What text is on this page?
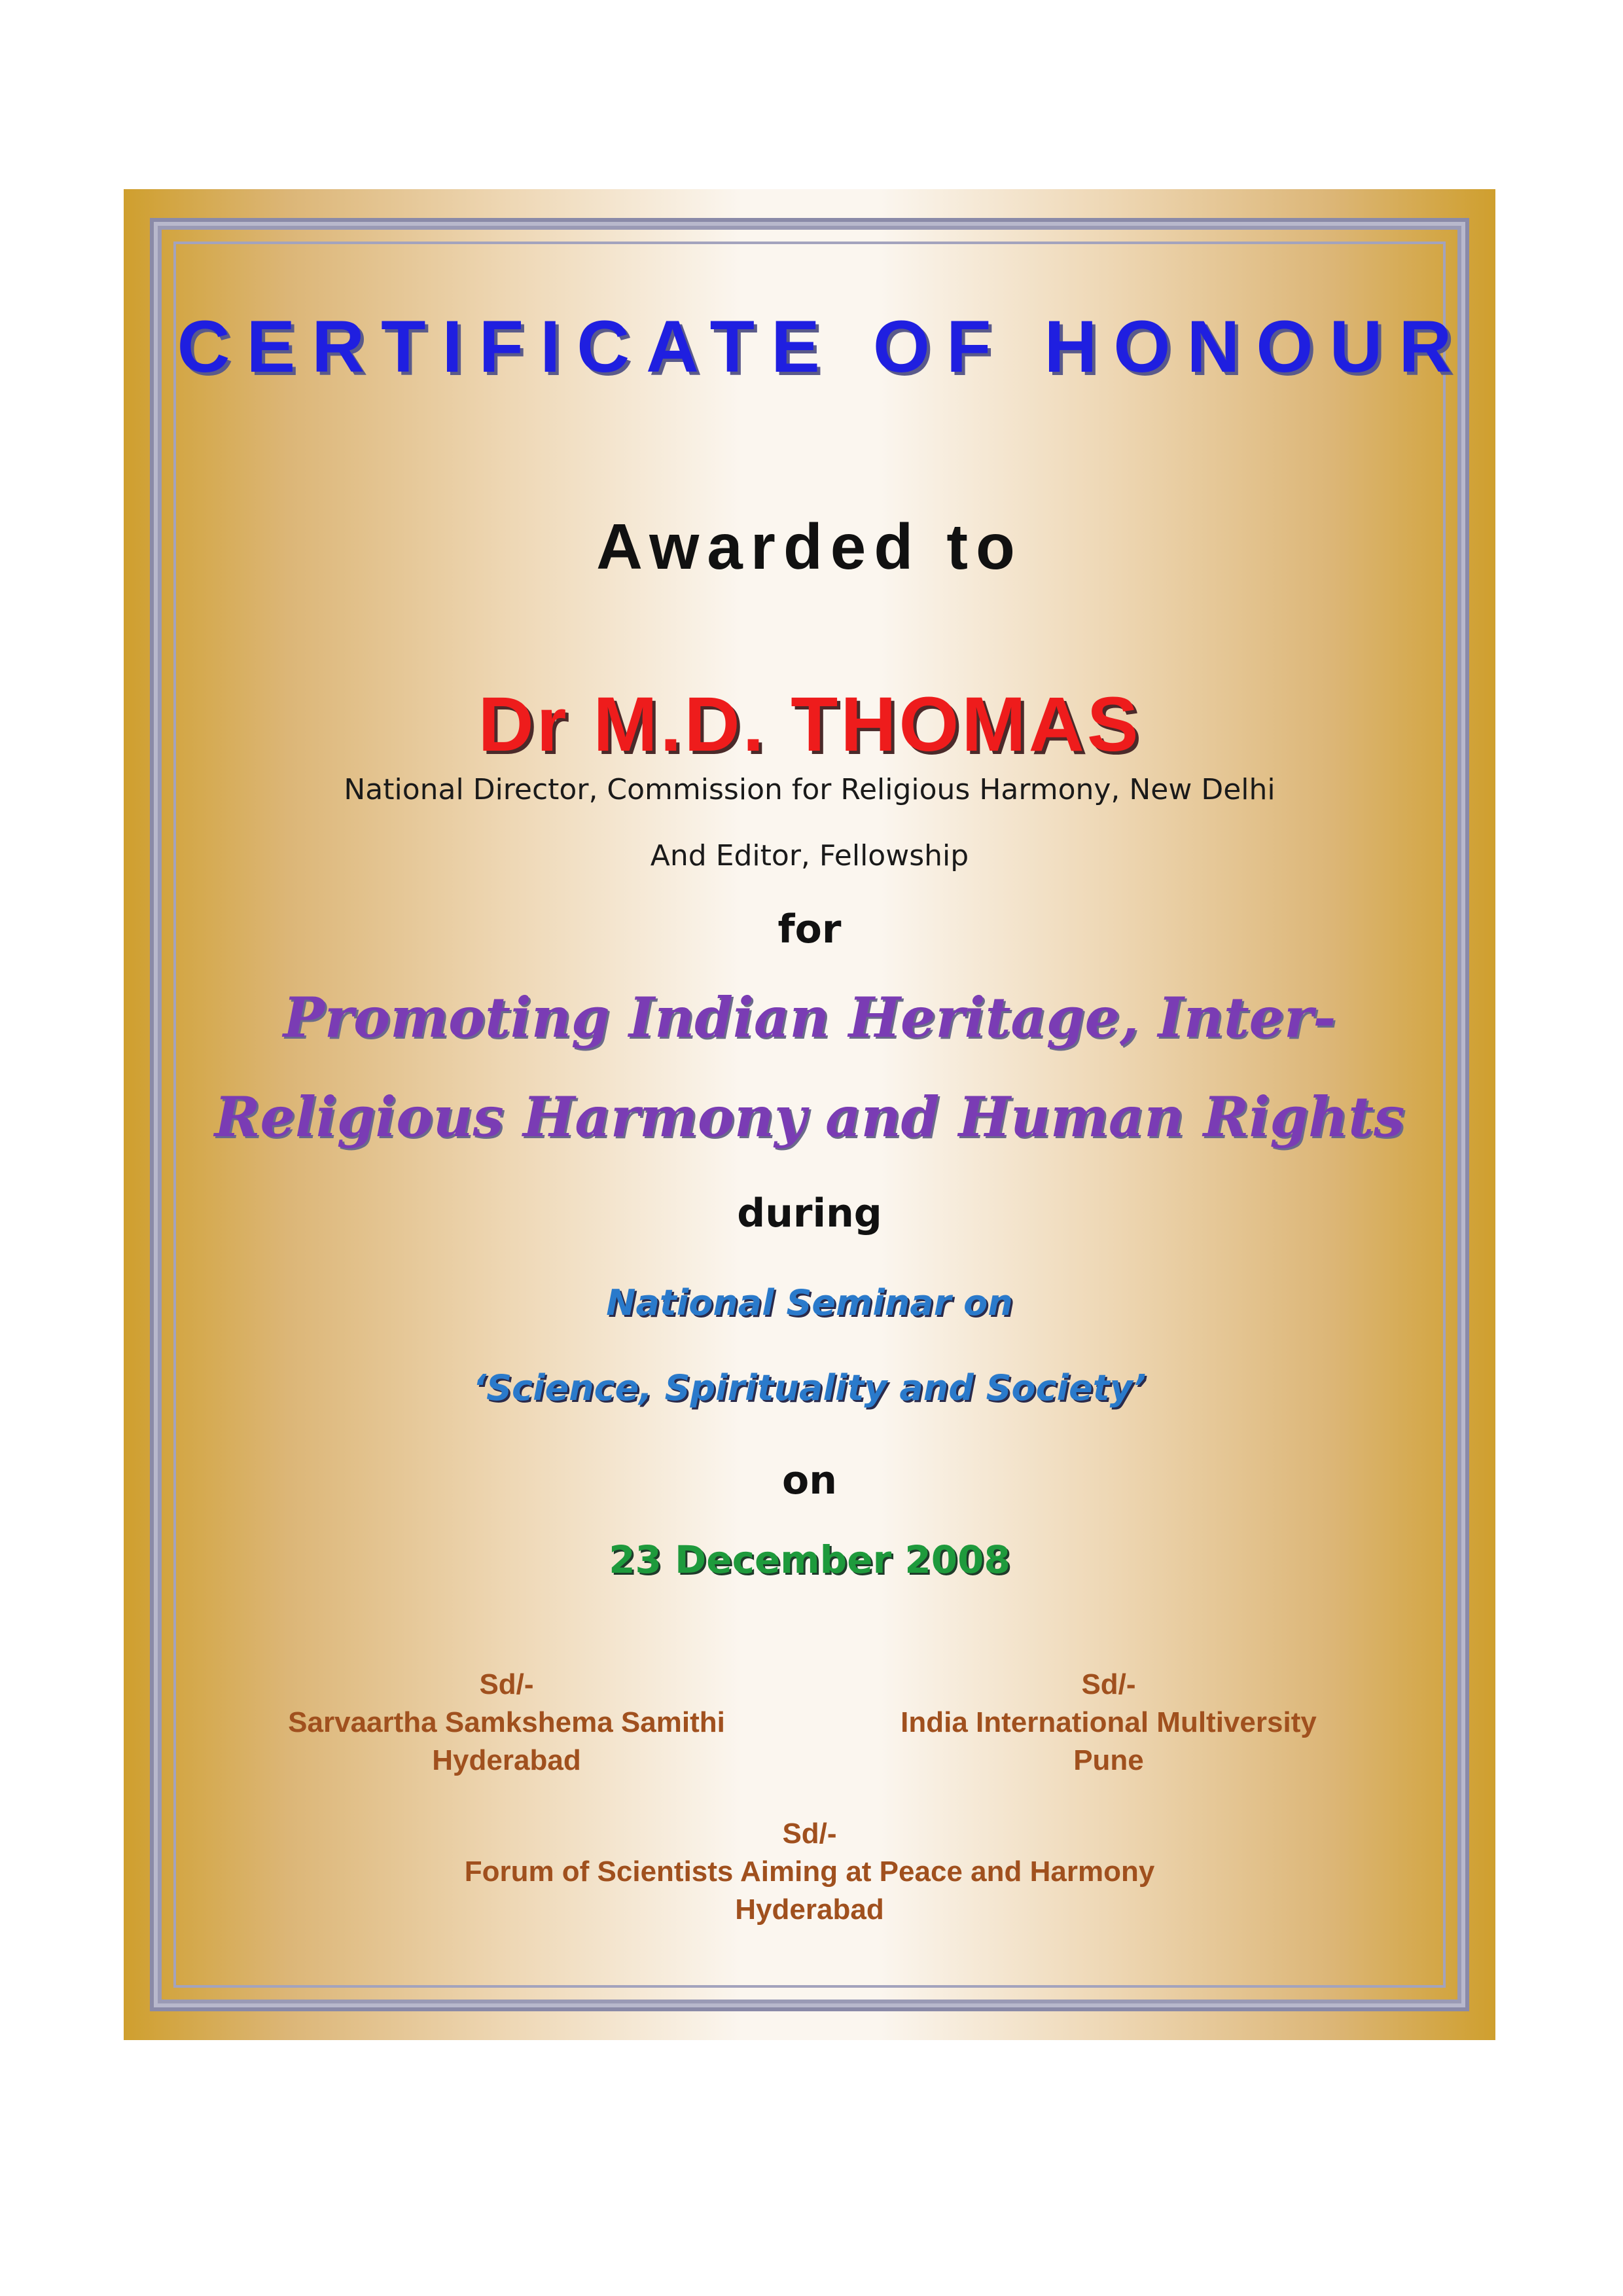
CERTIFICATE OF HONOUR
Awarded to
Dr M.D. THOMAS
National Director, Commission for Religious Harmony, New Delhi
And Editor, Fellowship
for
Promoting Indian Heritage, Inter-
Religious Harmony and Human Rights
during
National Seminar on
‘Science, Spirituality and Society’
on
23 December 2008
Sd/-
Sarvaartha Samkshema Samithi
Hyderabad
Sd/-
India International Multiversity
Pune
Sd/-
Forum of Scientists Aiming at Peace and Harmony
Hyderabad
